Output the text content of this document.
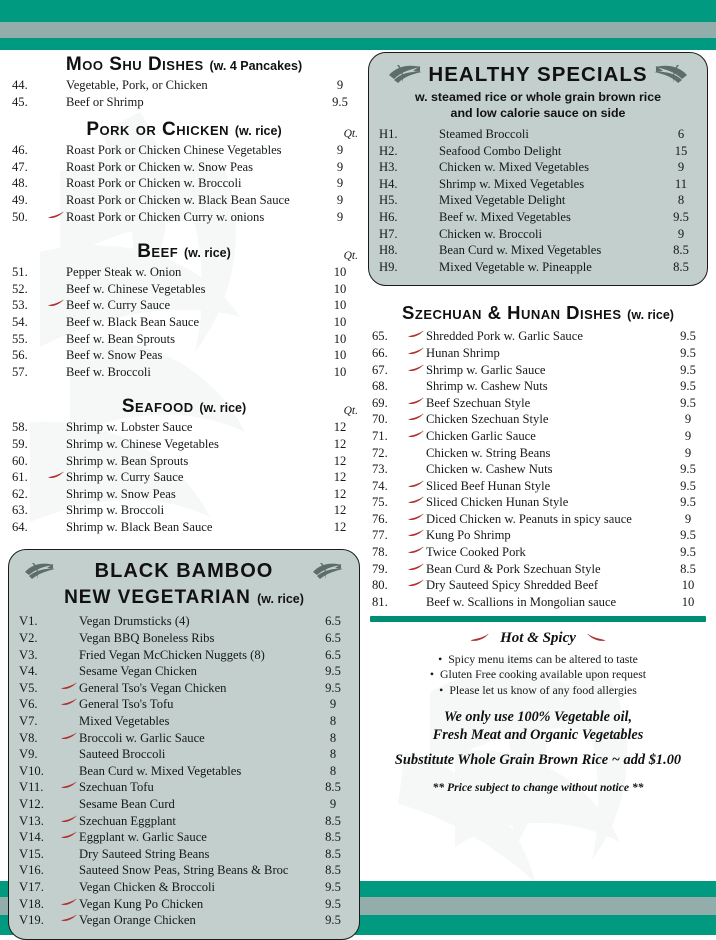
Moo Shu Dishes (w. 4 Pancakes)
44.	Vegetable, Pork, or Chicken	9
45.	Beef or Shrimp	9.5
Pork or Chicken (w. rice)	Qt.
46.	Roast Pork or Chicken Chinese Vegetables	9
47.	Roast Pork or Chicken w. Snow Peas	9
48.	Roast Pork or Chicken w. Broccoli	9
49.	Roast Pork or Chicken w. Black Bean Sauce	9
50.	Roast Pork or Chicken Curry w. onions	9
Beef (w. rice)	Qt.
51.	Pepper Steak w. Onion	10
52.	Beef w. Chinese Vegetables	10
53.	Beef w. Curry Sauce	10
54.	Beef w. Black Bean Sauce	10
55.	Beef w. Bean Sprouts	10
56.	Beef w. Snow Peas	10
57.	Beef w. Broccoli	10
Seafood (w. rice)	Qt.
58.	Shrimp w. Lobster Sauce	12
59.	Shrimp w. Chinese Vegetables	12
60.	Shrimp w. Bean Sprouts	12
61.	Shrimp w. Curry Sauce	12
62.	Shrimp w. Snow Peas	12
63.	Shrimp w. Broccoli	12
64.	Shrimp w. Black Bean Sauce	12
BLACK BAMBOO
NEW VEGETARIAN (w. rice)
V1.	Vegan Drumsticks (4)	6.5
V2.	Vegan BBQ Boneless Ribs	6.5
V3.	Fried Vegan McChicken Nuggets (8)	6.5
V4.	Sesame Vegan Chicken	9.5
V5.	General Tso's Vegan Chicken	9.5
V6.	General Tso's Tofu	9
V7.	Mixed Vegetables	8
V8.	Broccoli w. Garlic Sauce	8
V9.	Sauteed Broccoli	8
V10.	Bean Curd w. Mixed Vegetables	8
V11.	Szechuan Tofu	8.5
V12.	Sesame Bean Curd	9
V13.	Szechuan Eggplant	8.5
V14.	Eggplant w. Garlic Sauce	8.5
V15.	Dry Sauteed String Beans	8.5
V16.	Sauteed Snow Peas, String Beans & Broc	8.5
V17.	Vegan Chicken & Broccoli	9.5
V18.	Vegan Kung Po Chicken	9.5
V19.	Vegan Orange Chicken	9.5
HEALTHY SPECIALS
w. steamed rice or whole grain brown rice
and low calorie sauce on side
H1.	Steamed Broccoli	6
H2.	Seafood Combo Delight	15
H3.	Chicken w. Mixed Vegetables	9
H4.	Shrimp w. Mixed Vegetables	11
H5.	Mixed Vegetable Delight	8
H6.	Beef w. Mixed Vegetables	9.5
H7.	Chicken w. Broccoli	9
H8.	Bean Curd w. Mixed Vegetables	8.5
H9.	Mixed Vegetable w. Pineapple	8.5
Szechuan & Hunan Dishes (w. rice)
65.	Shredded Pork w. Garlic Sauce	9.5
66.	Hunan Shrimp	9.5
67.	Shrimp w. Garlic Sauce	9.5
68.	Shrimp w. Cashew Nuts	9.5
69.	Beef Szechuan Style	9.5
70.	Chicken Szechuan Style	9
71.	Chicken Garlic Sauce	9
72.	Chicken w. String Beans	9
73.	Chicken w. Cashew Nuts	9.5
74.	Sliced Beef Hunan Style	9.5
75.	Sliced Chicken Hunan Style	9.5
76.	Diced Chicken w. Peanuts in spicy sauce	9
77.	Kung Po Shrimp	9.5
78.	Twice Cooked Pork	9.5
79.	Bean Curd & Pork Szechuan Style	8.5
80.	Dry Sauteed Spicy Shredded Beef	10
81.	Beef w. Scallions in Mongolian sauce	10
Hot & Spicy
• Spicy menu items can be altered to taste
• Gluten Free cooking available upon request
• Please let us know of any food allergies
We only use 100% Vegetable oil,
Fresh Meat and Organic Vegetables
Substitute Whole Grain Brown Rice ~ add $1.00
** Price subject to change without notice **
